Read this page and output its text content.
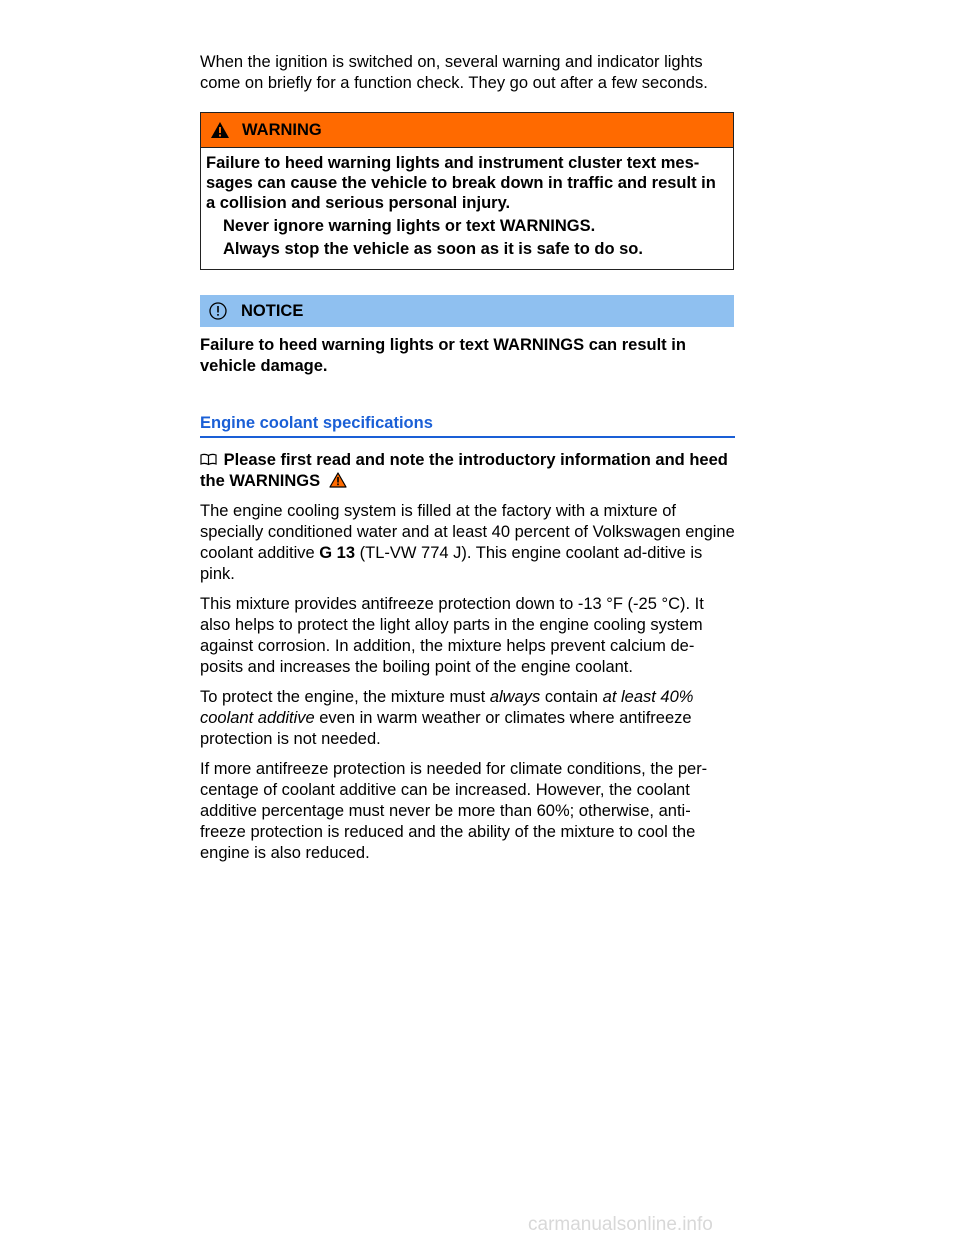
When the ignition is switched on, several warning and indicator lights come on briefly for a function check. They go out after a few seconds.

WARNING

Failure to heed warning lights and instrument cluster text mes-sages can cause the vehicle to break down in traffic and result in a collision and serious personal injury.

Never ignore warning lights or text WARNINGS.

Always stop the vehicle as soon as it is safe to do so.

NOTICE

Failure to heed warning lights or text WARNINGS can result in vehicle damage.

Engine coolant specifications

Please first read and note the introductory information and heed the WARNINGS

The engine cooling system is filled at the factory with a mixture of specially conditioned water and at least 40 percent of Volkswagen engine coolant additive G 13 (TL-VW 774 J). This engine coolant ad-ditive is pink.

This mixture provides antifreeze protection down to -13 °F (-25 °C). It also helps to protect the light alloy parts in the engine cooling system against corrosion. In addition, the mixture helps prevent calcium de-posits and increases the boiling point of the engine coolant.

To protect the engine, the mixture must always contain at least 40% coolant additive even in warm weather or climates where antifreeze protection is not needed.

If more antifreeze protection is needed for climate conditions, the per-centage of coolant additive can be increased. However, the coolant additive percentage must never be more than 60%; otherwise, anti-freeze protection is reduced and the ability of the mixture to cool the engine is also reduced.

carmanualsonline.info
